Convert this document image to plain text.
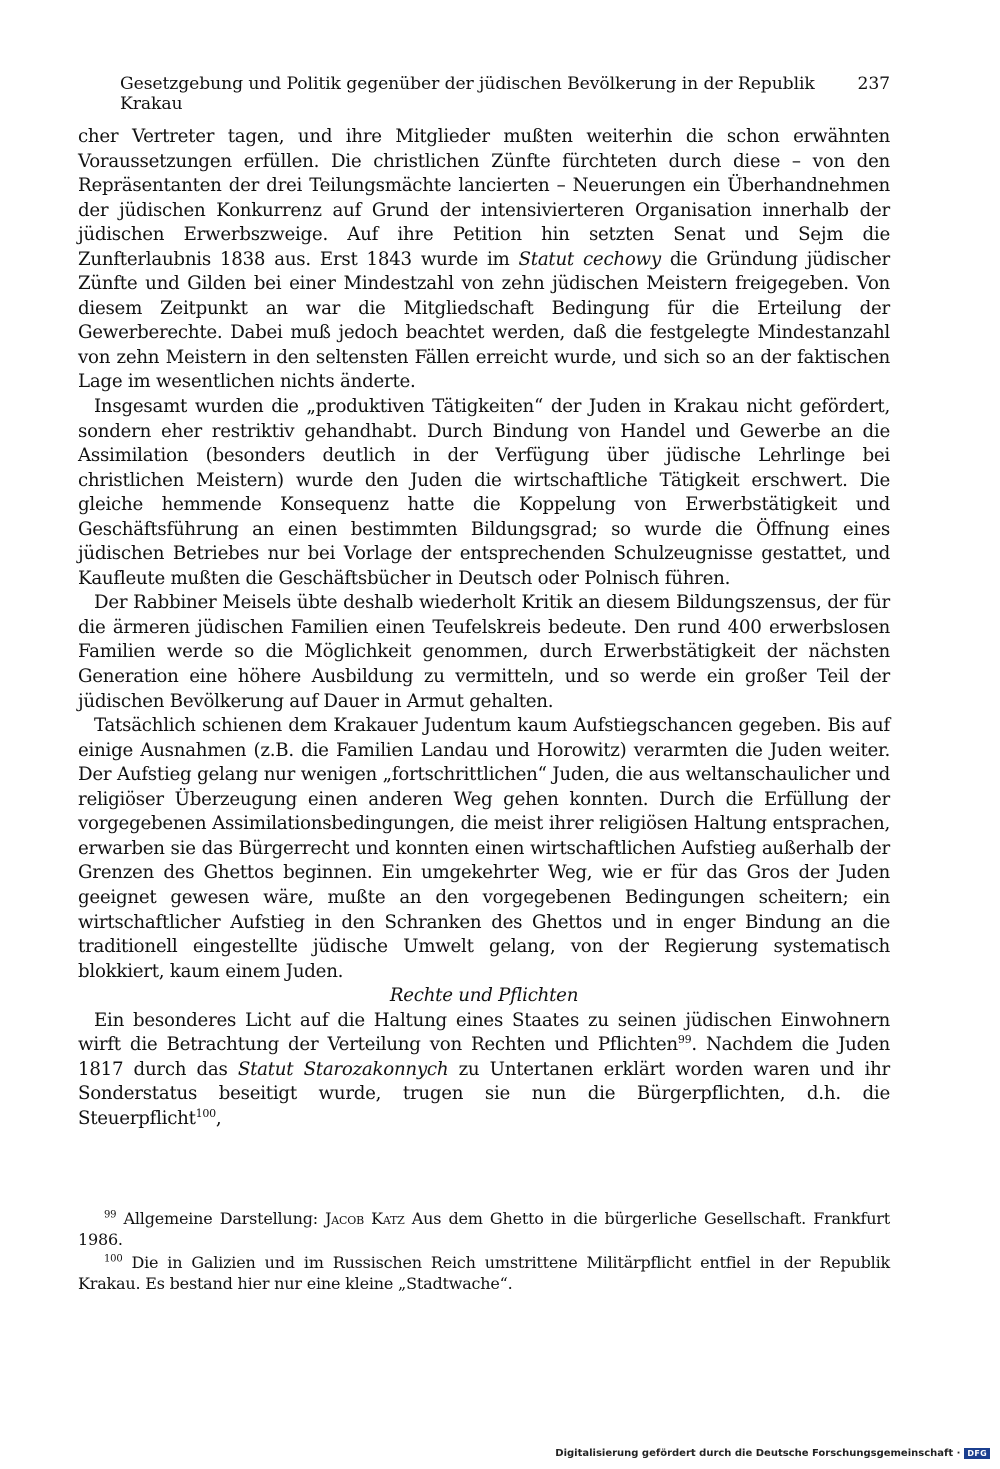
Gesetzgebung und Politik gegenüber der jüdischen Bevölkerung in der Republik Krakau
237

cher Vertreter tagen, und ihre Mitglieder mußten weiterhin die schon erwähnten Voraussetzungen erfüllen. Die christlichen Zünfte fürchteten durch diese – von den Repräsentanten der drei Teilungsmächte lancierten – Neuerungen ein Überhandnehmen der jüdischen Konkurrenz auf Grund der intensivierteren Organisation innerhalb der jüdischen Erwerbszweige. Auf ihre Petition hin setzten Senat und Sejm die Zunfterlaubnis 1838 aus. Erst 1843 wurde im Statut cechowy die Gründung jüdischer Zünfte und Gilden bei einer Mindestzahl von zehn jüdischen Meistern freigegeben. Von diesem Zeitpunkt an war die Mitgliedschaft Bedingung für die Erteilung der Gewerberechte. Dabei muß jedoch beachtet werden, daß die festgelegte Mindestanzahl von zehn Meistern in den seltensten Fällen erreicht wurde, und sich so an der faktischen Lage im wesentlichen nichts änderte.

Insgesamt wurden die „produktiven Tätigkeiten“ der Juden in Krakau nicht gefördert, sondern eher restriktiv gehandhabt. Durch Bindung von Handel und Gewerbe an die Assimilation (besonders deutlich in der Verfügung über jüdische Lehrlinge bei christlichen Meistern) wurde den Juden die wirtschaftliche Tätigkeit erschwert. Die gleiche hemmende Konsequenz hatte die Koppelung von Erwerbstätigkeit und Geschäftsführung an einen bestimmten Bildungsgrad; so wurde die Öffnung eines jüdischen Betriebes nur bei Vorlage der entsprechenden Schulzeugnisse gestattet, und Kaufleute mußten die Geschäftsbücher in Deutsch oder Polnisch führen.

Der Rabbiner Meisels übte deshalb wiederholt Kritik an diesem Bildungszensus, der für die ärmeren jüdischen Familien einen Teufelskreis bedeute. Den rund 400 erwerbslosen Familien werde so die Möglichkeit genommen, durch Erwerbstätigkeit der nächsten Generation eine höhere Ausbildung zu vermitteln, und so werde ein großer Teil der jüdischen Bevölkerung auf Dauer in Armut gehalten.

Tatsächlich schienen dem Krakauer Judentum kaum Aufstiegschancen gegeben. Bis auf einige Ausnahmen (z.B. die Familien Landau und Horowitz) verarmten die Juden weiter. Der Aufstieg gelang nur wenigen „fortschrittlichen“ Juden, die aus weltanschaulicher und religiöser Überzeugung einen anderen Weg gehen konnten. Durch die Erfüllung der vorgegebenen Assimilationsbedingungen, die meist ihrer religiösen Haltung entsprachen, erwarben sie das Bürgerrecht und konnten einen wirtschaftlichen Aufstieg außerhalb der Grenzen des Ghettos beginnen. Ein umgekehrter Weg, wie er für das Gros der Juden geeignet gewesen wäre, mußte an den vorgegebenen Bedingungen scheitern; ein wirtschaftlicher Aufstieg in den Schranken des Ghettos und in enger Bindung an die traditionell eingestellte jüdische Umwelt gelang, von der Regierung systematisch blokkiert, kaum einem Juden.

Rechte und Pflichten

Ein besonderes Licht auf die Haltung eines Staates zu seinen jüdischen Einwohnern wirft die Betrachtung der Verteilung von Rechten und Pflichten$^{99}$. Nachdem die Juden 1817 durch das Statut Starozakonnych zu Untertanen erklärt worden waren und ihr Sonderstatus beseitigt wurde, trugen sie nun die Bürgerpflichten, d.h. die Steuerpflicht$^{100}$,

$^{99}$ Allgemeine Darstellung: Jacob Katz Aus dem Ghetto in die bürgerliche Gesellschaft. Frankfurt 1986.

$^{100}$ Die in Galizien und im Russischen Reich umstrittene Militärpflicht entfiel in der Republik Krakau. Es bestand hier nur eine kleine „Stadtwache“.

Digitalisierung gefördert durch die Deutsche Forschungsgemeinschaft · DFG
